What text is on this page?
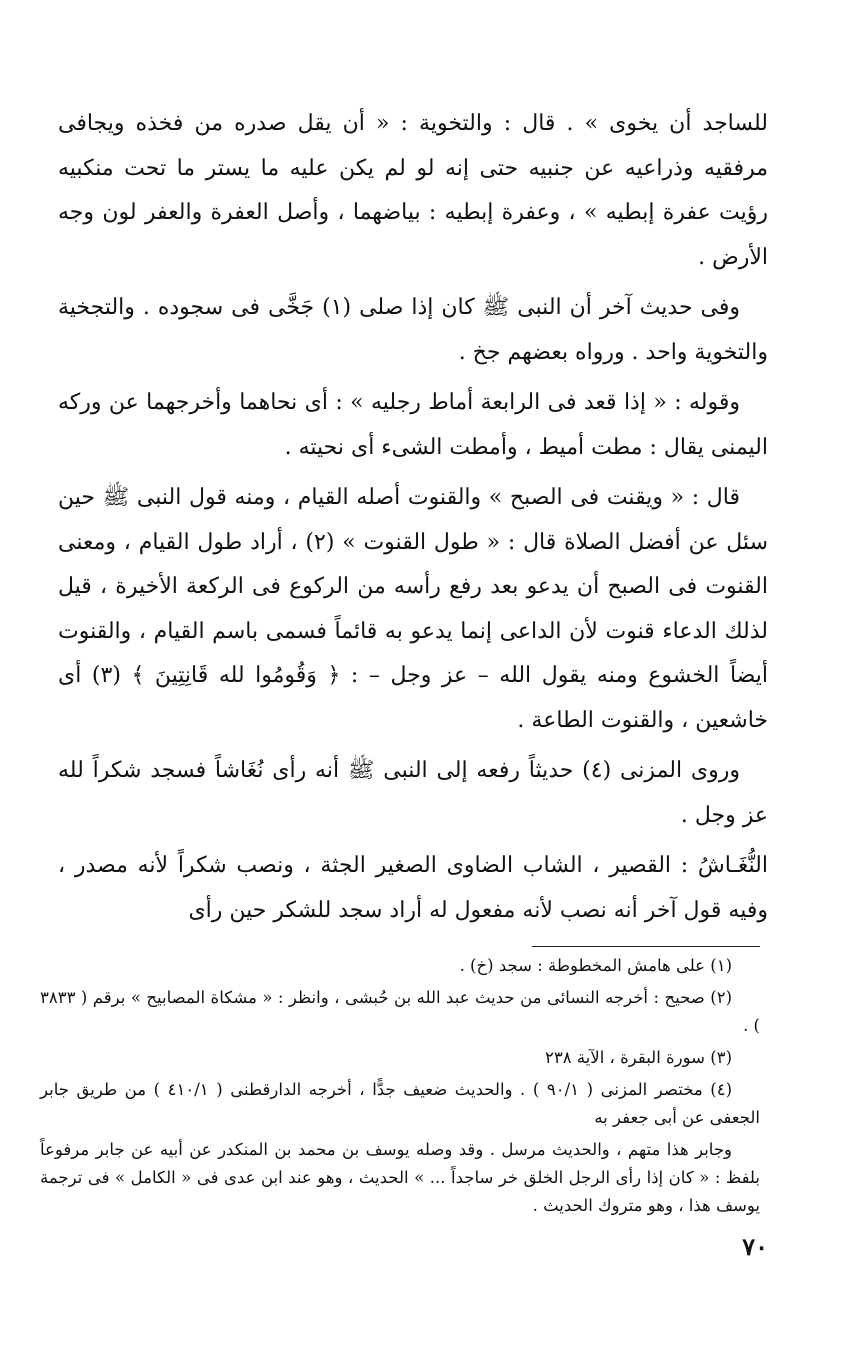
للساجد أن يخوى » . قال : والتخوية : « أن يقل صدره من فخذه ويجافى مرفقيه وذراعيه عن جنبيه حتى إنه لو لم يكن عليه ما يستر ما تحت منكبيه رؤيت عفرة إبطيه » ، وعفرة إبطيه : بياضهما ، وأصل العفرة والعفر لون وجه الأرض .

وفى حديث آخر أن النبى ﷺ كان إذا صلى (١) جَخَّى فى سجوده . والتجخية والتخوية واحد . ورواه بعضهم جخ .

وقوله : « إذا قعد فى الرابعة أماط رجليه » : أى نحاهما وأخرجهما عن وركه اليمنى يقال : مطت أميط ، وأمطت الشىء أى نحيته .

قال : « ويقنت فى الصبح » والقنوت أصله القيام ، ومنه قول النبى ﷺ حين سئل عن أفضل الصلاة قال : « طول القنوت » (٢) ، أراد طول القيام ، ومعنى القنوت فى الصبح أن يدعو بعد رفع رأسه من الركوع فى الركعة الأخيرة ، قيل لذلك الدعاء قنوت لأن الداعى إنما يدعو به قائماً فسمى باسم القيام ، والقنوت أيضاً الخشوع ومنه يقول الله – عز وجل – : ﴿ وَقُومُوا لله قَانِتِينَ ﴾ (٣) أى خاشعين ، والقنوت الطاعة .

وروى المزنى (٤) حديثاً رفعه إلى النبى ﷺ أنه رأى نُغَاشاً فسجد شكراً لله عز وجل .

النُّغَـاشُ : القصير ، الشاب الضاوى الصغير الجثة ، ونصب شكراً لأنه مصدر ، وفيه قول آخر أنه نصب لأنه مفعول له أراد سجد للشكر حين رأى

(١) على هامش المخطوطة : سجد (خ) .

(٢) صحيح : أخرجه النسائى من حديث عبد الله بن حُبشى ، وانظر : « مشكاة المصابيح » برقم ( ٣٨٣٣ ) .

(٣) سورة البقرة ، الآية ٢٣٨

(٤) مختصر المزنى ( ٩٠/١ ) . والحديث ضعيف جدًّا ، أخرجه الدارقطنى ( ٤١٠/١ ) من طريق جابر الجعفى عن أبى جعفر به

وجابر هذا متهم ، والحديث مرسل . وقد وصله يوسف بن محمد بن المنكدر عن أبيه عن جابر مرفوعاً بلفظ : « كان إذا رأى الرجل الخلق خر ساجداً ... » الحديث ، وهو عند ابن عدى فى « الكامل » فى ترجمة يوسف هذا ، وهو متروك الحديث .

٧٠
